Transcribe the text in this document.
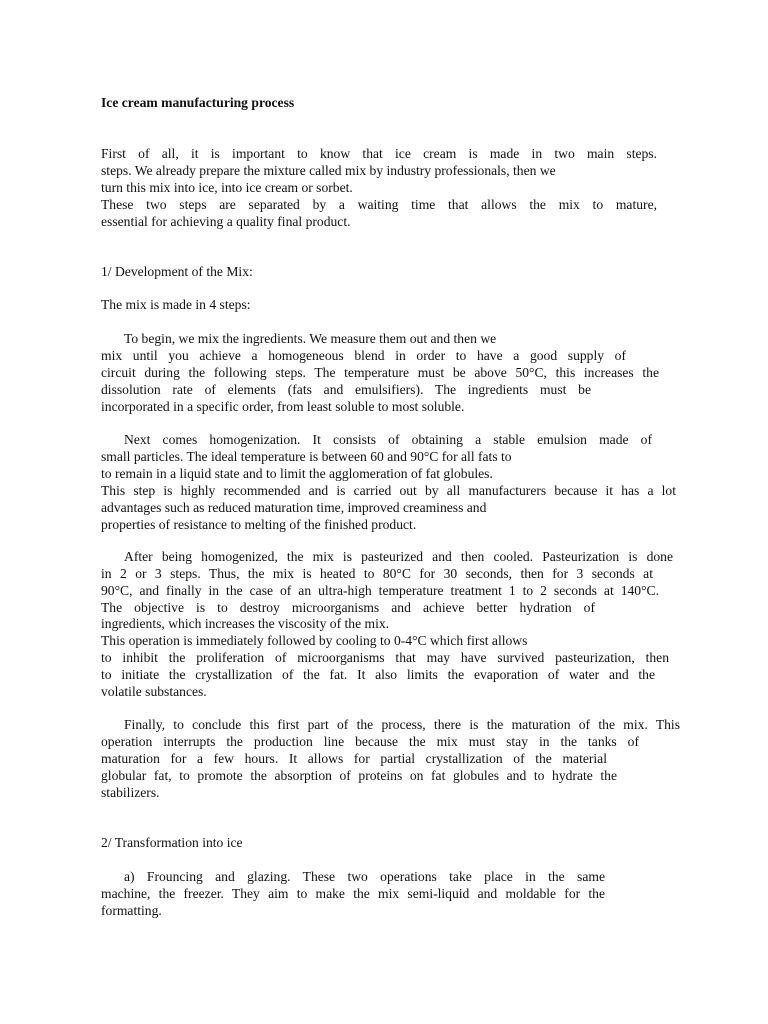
Ice cream manufacturing process
First of all, it is important to know that ice cream is made in two main steps.
steps. We already prepare the mixture called mix by industry professionals, then we
turn this mix into ice, into ice cream or sorbet.
These two steps are separated by a waiting time that allows the mix to mature,
essential for achieving a quality final product.
1/ Development of the Mix:
The mix is made in 4 steps:
To begin, we mix the ingredients. We measure them out and then we
mix until you achieve a homogeneous blend in order to have a good supply of
circuit during the following steps. The temperature must be above 50°C, this increases the
dissolution rate of elements (fats and emulsifiers). The ingredients must be
incorporated in a specific order, from least soluble to most soluble.
Next comes homogenization. It consists of obtaining a stable emulsion made of
small particles. The ideal temperature is between 60 and 90°C for all fats to
to remain in a liquid state and to limit the agglomeration of fat globules.
This step is highly recommended and is carried out by all manufacturers because it has a lot
advantages such as reduced maturation time, improved creaminess and
properties of resistance to melting of the finished product.
After being homogenized, the mix is pasteurized and then cooled. Pasteurization is done
in 2 or 3 steps. Thus, the mix is heated to 80°C for 30 seconds, then for 3 seconds at
90°C, and finally in the case of an ultra-high temperature treatment 1 to 2 seconds at 140°C.
The objective is to destroy microorganisms and achieve better hydration of
ingredients, which increases the viscosity of the mix.
This operation is immediately followed by cooling to 0-4°C which first allows
to inhibit the proliferation of microorganisms that may have survived pasteurization, then
to initiate the crystallization of the fat. It also limits the evaporation of water and the
volatile substances.
Finally, to conclude this first part of the process, there is the maturation of the mix. This
operation interrupts the production line because the mix must stay in the tanks of
maturation for a few hours. It allows for partial crystallization of the material
globular fat, to promote the absorption of proteins on fat globules and to hydrate the
stabilizers.
2/ Transformation into ice
a) Frouncing and glazing. These two operations take place in the same
machine, the freezer. They aim to make the mix semi-liquid and moldable for the
formatting.
